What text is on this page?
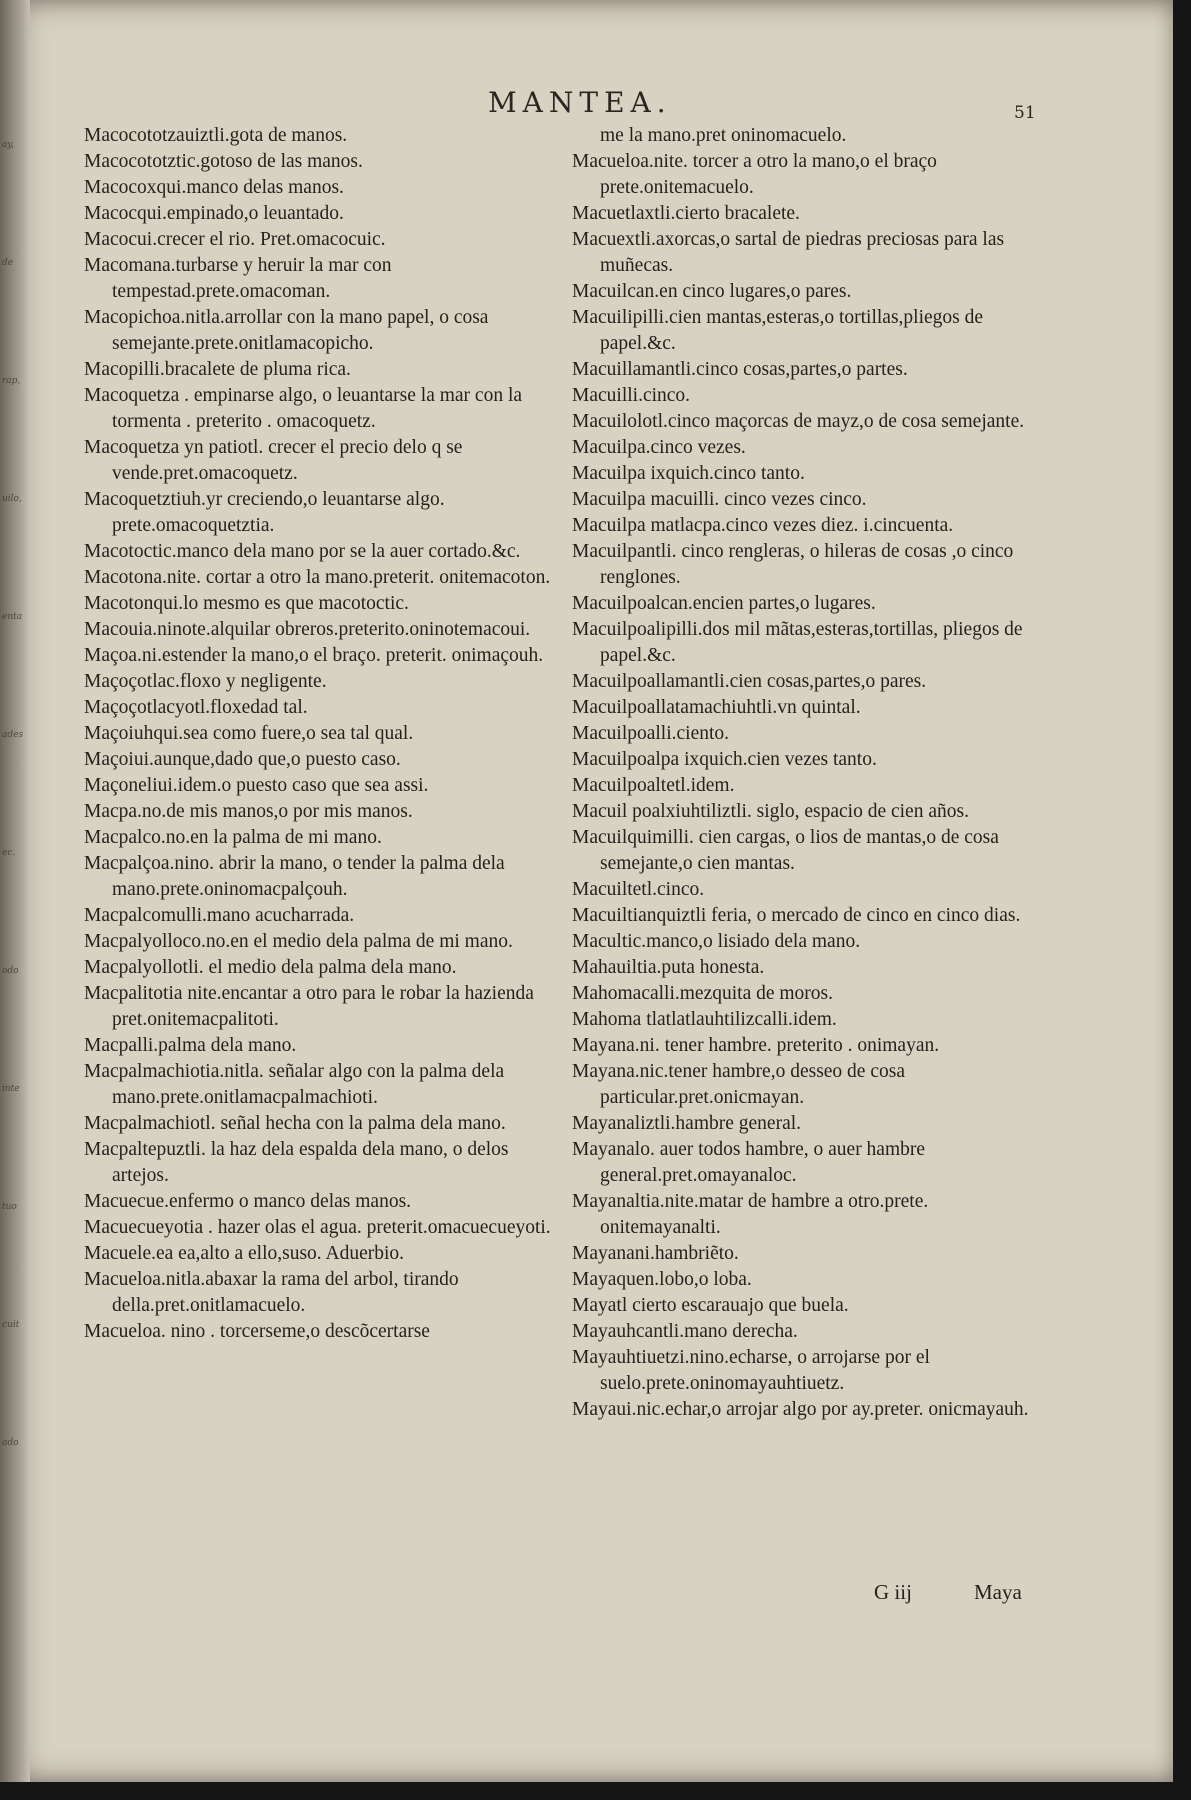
ay,
de
rap,
uilo,
enta
ades
ec.
odo
inte
tuo
cuit
ado
MANTEA.	51

Macocototzauiztli.gota de manos.

Macocototztic.gotoso de las manos.

Macocoxqui.manco delas manos.

Macocqui.empinado,o leuantado.

Macocui.crecer el rio. Pret.omacocuic.

Macomana.turbarse y heruir la mar con tempestad.prete.omacoman.

Macopichoa.nitla.arrollar con la mano papel, o cosa semejante.prete.onitlamacopicho.

Macopilli.bracalete de pluma rica.

Macoquetza . empinarse algo, o leuantarse la mar con la tormenta . preterito . omacoquetz.

Macoquetza yn patiotl. crecer el precio delo q se vende.pret.omacoquetz.

Macoquetztiuh.yr creciendo,o leuantarse algo. prete.omacoquetztia.

Macotoctic.manco dela mano por se la auer cortado.&c.

Macotona.nite. cortar a otro la mano.preterit. onitemacoton.

Macotonqui.lo mesmo es que macotoctic.

Macouia.ninote.alquilar obreros.preterito.oninotemacoui.

Maçoa.ni.estender la mano,o el braço. preterit. onimaçouh.

Maçoçotlac.floxo y negligente.

Maçoçotlacyotl.floxedad tal.

Maçoiuhqui.sea como fuere,o sea tal qual.

Maçoiui.aunque,dado que,o puesto caso.

Maçoneliui.idem.o puesto caso que sea assi.

Macpa.no.de mis manos,o por mis manos.

Macpalco.no.en la palma de mi mano.

Macpalçoa.nino. abrir la mano, o tender la palma dela mano.prete.oninomacpalçouh.

Macpalcomulli.mano acucharrada.

Macpalyolloco.no.en el medio dela palma de mi mano.

Macpalyollotli. el medio dela palma dela mano.

Macpalitotia nite.encantar a otro para le robar la hazienda pret.onitemacpalitoti.

Macpalli.palma dela mano.

Macpalmachiotia.nitla. señalar algo con la palma dela mano.prete.onitlamacpalmachioti.

Macpalmachiotl. señal hecha con la palma dela mano.

Macpaltepuztli. la haz dela espalda dela mano, o delos artejos.

Macuecue.enfermo o manco delas manos.

Macuecueyotia . hazer olas el agua. preterit.omacuecueyoti.

Macuele.ea ea,alto a ello,suso. Aduerbio.

Macueloa.nitla.abaxar la rama del arbol, tirando della.pret.onitlamacuelo.

Macueloa. nino . torcerseme,o descõcertarse

me la mano.pret oninomacuelo.

Macueloa.nite. torcer a otro la mano,o el braço prete.onitemacuelo.

Macuetlaxtli.cierto bracalete.

Macuextli.axorcas,o sartal de piedras preciosas para las muñecas.

Macuilcan.en cinco lugares,o pares.

Macuilipilli.cien mantas,esteras,o tortillas,pliegos de papel.&c.

Macuillamantli.cinco cosas,partes,o partes.

Macuilli.cinco.

Macuilolotl.cinco maçorcas de mayz,o de cosa semejante.

Macuilpa.cinco vezes.

Macuilpa ixquich.cinco tanto.

Macuilpa macuilli. cinco vezes cinco.

Macuilpa matlacpa.cinco vezes diez. i.cincuenta.

Macuilpantli. cinco rengleras, o hileras de cosas ,o cinco renglones.

Macuilpoalcan.encien partes,o lugares.

Macuilpoalipilli.dos mil mãtas,esteras,tortillas, pliegos de papel.&c.

Macuilpoallamantli.cien cosas,partes,o pares.

Macuilpoallatamachiuhtli.vn quintal.

Macuilpoalli.ciento.

Macuilpoalpa ixquich.cien vezes tanto.

Macuilpoaltetl.idem.

Macuil poalxiuhtiliztli. siglo, espacio de cien años.

Macuilquimilli. cien cargas, o lios de mantas,o de cosa semejante,o cien mantas.

Macuiltetl.cinco.

Macuiltianquiztli feria, o mercado de cinco en cinco dias.

Macultic.manco,o lisiado dela mano.

Mahauiltia.puta honesta.

Mahomacalli.mezquita de moros.

Mahoma tlatlatlauhtilizcalli.idem.

Mayana.ni. tener hambre. preterito . onimayan.

Mayana.nic.tener hambre,o desseo de cosa particular.pret.onicmayan.

Mayanaliztli.hambre general.

Mayanalo. auer todos hambre, o auer hambre general.pret.omayanaloc.

Mayanaltia.nite.matar de hambre a otro.prete. onitemayanalti.

Mayanani.hambriẽto.

Mayaquen.lobo,o loba.

Mayatl cierto escarauajo que buela.

Mayauhcantli.mano derecha.

Mayauhtiuetzi.nino.echarse, o arrojarse por el suelo.prete.oninomayauhtiuetz.

Mayaui.nic.echar,o arrojar algo por ay.preter. onicmayauh.

G iij	Maya
